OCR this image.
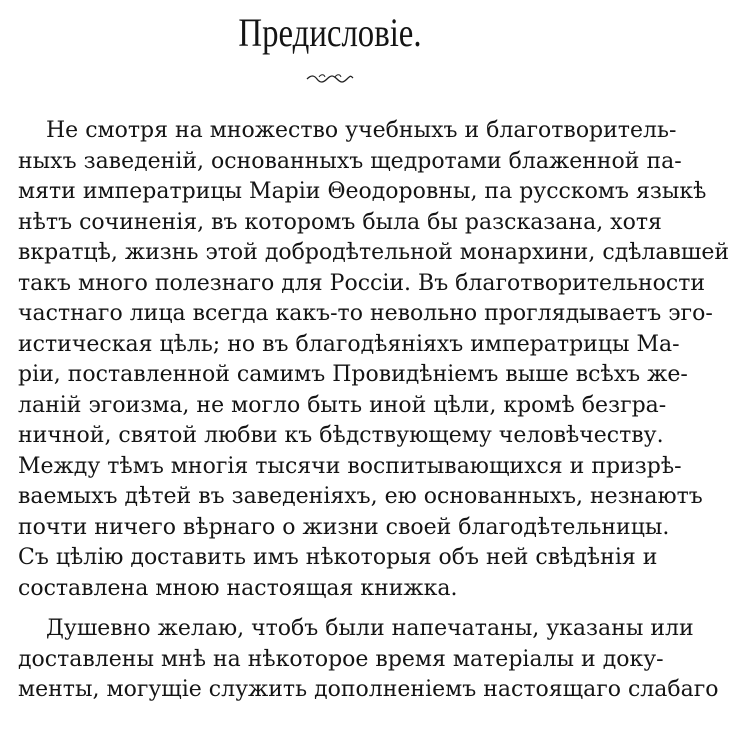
Предисловіе.
Не смотря на множество учебныхъ и благотворитель-
ныхъ заведеній, основанныхъ щедротами блаженной па-
мяти императрицы Маріи Θеодоровны, па русскомъ языкѣ
нѣтъ сочиненія, въ которомъ была бы разсказана, хотя
вкратцѣ, жизнь этой добродѣтельной монархини, сдѣлавшей
такъ много полезнаго для Россіи. Въ благотворительности
частнаго лица всегда какъ-то невольно проглядываетъ эго-
истическая цѣль; но въ благодѣяніяхъ императрицы Ма-
ріи, поставленной самимъ Провидѣніемъ выше всѣхъ же-
ланій эгоизма, не могло быть иной цѣли, кромѣ безгра-
ничной, святой любви къ бѣдствующему человѣчеству.
Между тѣмъ многія тысячи воспитывающихся и призрѣ-
ваемыхъ дѣтей въ заведеніяхъ, ею основанныхъ, незнаютъ
почти ничего вѣрнаго о жизни своей благодѣтельницы.
Съ цѣлію доставить имъ нѣкоторыя объ ней свѣдѣнія и
составлена мною настоящая книжка.
Душевно желаю, чтобъ были напечатаны, указаны или
доставлены мнѣ на нѣкоторое время матеріалы и доку-
менты, могущіе служить дополненіемъ настоящаго слабаго
